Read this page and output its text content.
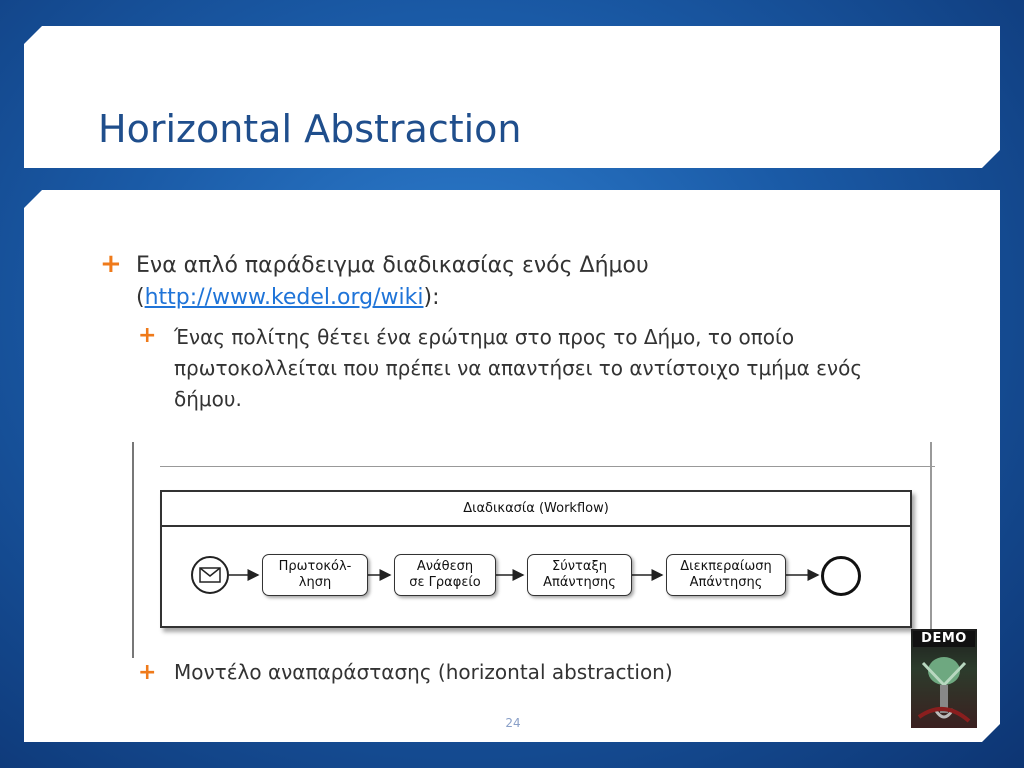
Horizontal Abstraction
+ Ενα απλό παράδειγμα διαδικασίας ενός Δήμου
(http://www.kedel.org/wiki):
+ Ένας πολίτης θέτει ένα ερώτημα στο προς το Δήμο, το οποίο πρωτοκολλείται που πρέπει να απαντήσει το αντίστοιχο τμήμα ενός δήμου.
Διαδικασία (Workflow)
Πρωτοκόλ-
ληση
Ανάθεση
σε Γραφείο
Σύνταξη
Απάντησης
Διεκπεραίωση
Απάντησης
+ Μοντέλο αναπαράστασης (horizontal abstraction)
DEMO
24
